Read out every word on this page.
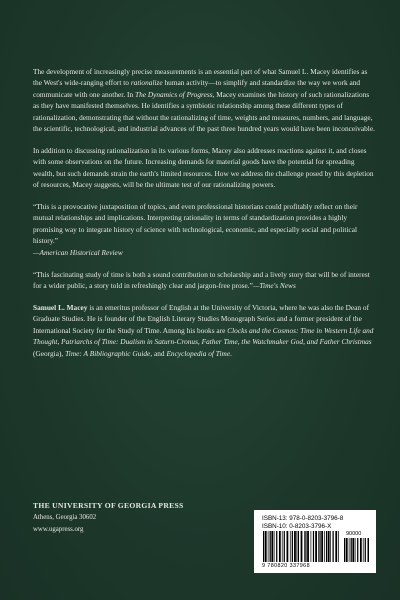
The development of increasingly precise measurements is an essential part of what Samuel L. Macey identifies as the West's wide-ranging effort to rationalize human activity—to simplify and standardize the way we work and communicate with one another. In The Dynamics of Progress, Macey examines the history of such rationalizations as they have manifested themselves. He identifies a symbiotic relationship among these different types of rationalization, demonstrating that without the rationalizing of time, weights and measures, numbers, and language, the scientific, technological, and industrial advances of the past three hundred years would have been inconceivable.

In addition to discussing rationalization in its various forms, Macey also addresses reactions against it, and closes with some observations on the future. Increasing demands for material goods have the potential for spreading wealth, but such demands strain the earth's limited resources. How we address the challenge posed by this depletion of resources, Macey suggests, will be the ultimate test of our rationalizing powers.

“This is a provocative juxtaposition of topics, and even professional historians could profitably reflect on their mutual relationships and implications. Interpreting rationality in terms of standardization provides a highly promising way to integrate history of science with technological, economic, and especially social and political history.”
—American Historical Review

“This fascinating study of time is both a sound contribution to scholarship and a lively story that will be of interest for a wider public, a story told in refreshingly clear and jargon-free prose.”—Time's News

Samuel L. Macey is an emeritus professor of English at the University of Victoria, where he was also the Dean of Graduate Studies. He is founder of the English Literary Studies Monograph Series and a former president of the International Society for the Study of Time. Among his books are Clocks and the Cosmos: Time in Western Life and Thought, Patriarchs of Time: Dualism in Saturn-Cronus, Father Time, the Watchmaker God, and Father Christmas (Georgia), Time: A Bibliographic Guide, and Encyclopedia of Time.

THE UNIVERSITY OF GEORGIA PRESS
Athens, Georgia 30602
www.ugapress.org
ISBN-13: 978-0-8203-3796-8
ISBN-10: 0-8203-3796-X
90000
9 780820 337968
